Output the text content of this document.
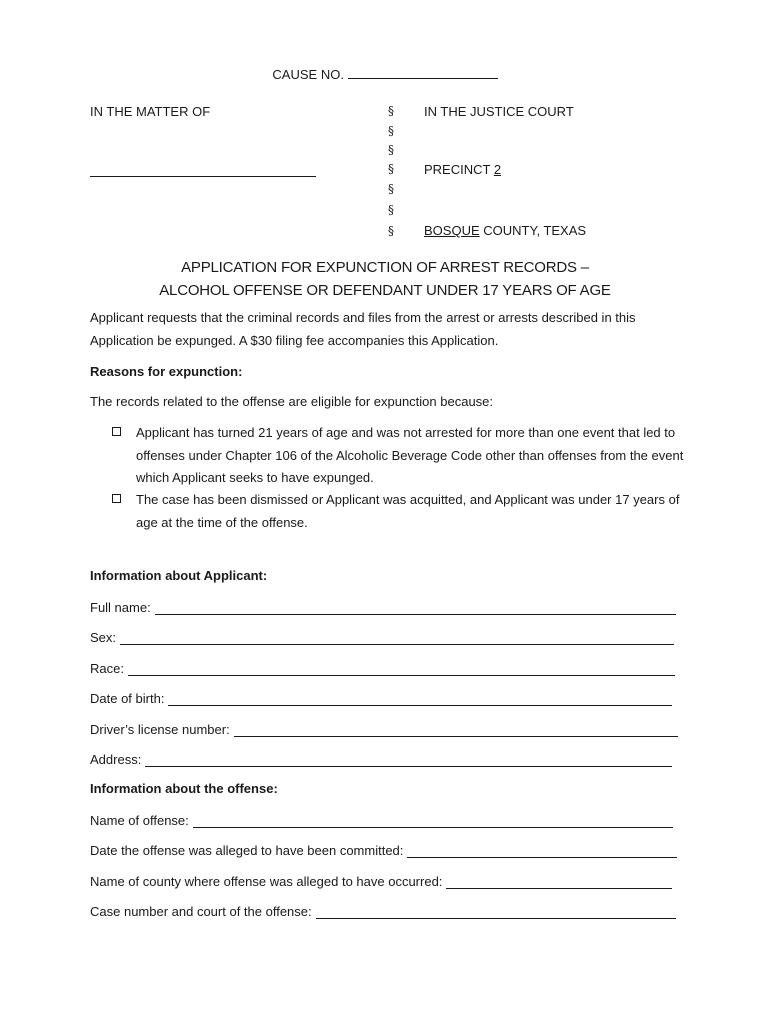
CAUSE NO.
IN THE MATTER OF	§
§
§
§
§
§
§
IN THE JUSTICE COURT
PRECINCT 2
BOSQUE COUNTY, TEXAS
APPLICATION FOR EXPUNCTION OF ARREST RECORDS –
ALCOHOL OFFENSE OR DEFENDANT UNDER 17 YEARS OF AGE
Applicant requests that the criminal records and files from the arrest or arrests described in this Application be expunged. A $30 filing fee accompanies this Application.
Reasons for expunction:
The records related to the offense are eligible for expunction because:
Applicant has turned 21 years of age and was not arrested for more than one event that led to offenses under Chapter 106 of the Alcoholic Beverage Code other than offenses from the event which Applicant seeks to have expunged.
The case has been dismissed or Applicant was acquitted, and Applicant was under 17 years of age at the time of the offense.
Information about Applicant:
Full name:
Sex:
Race:
Date of birth:
Driver’s license number:
Address:
Information about the offense:
Name of offense:
Date the offense was alleged to have been committed:
Name of county where offense was alleged to have occurred:
Case number and court of the offense:
